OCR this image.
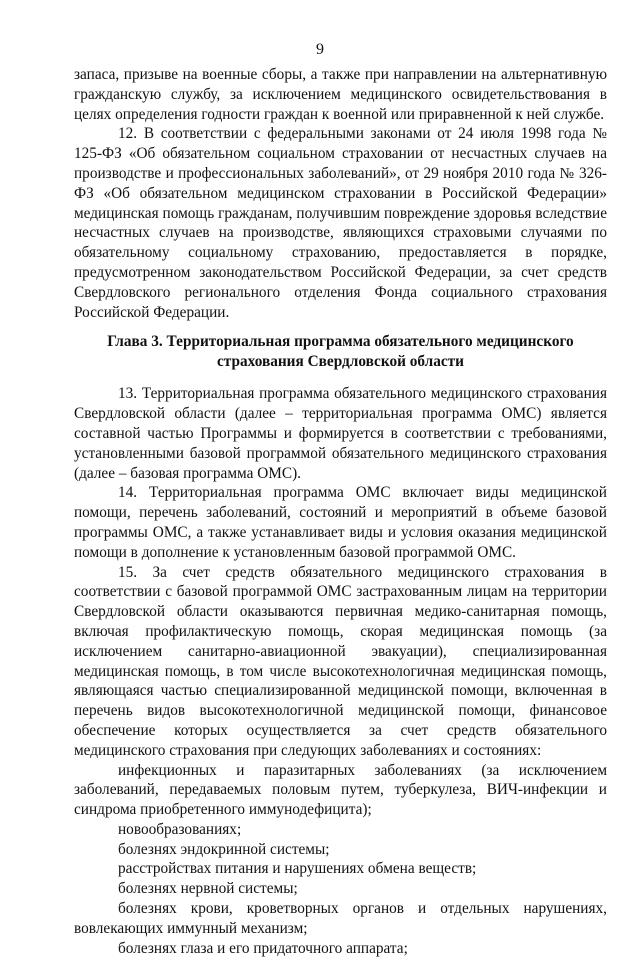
9

запаса, призыве на военные сборы, а также при направлении на альтернативную гражданскую службу, за исключением медицинского освидетельствования в целях определения годности граждан к военной или приравненной к ней службе.

12. В соответствии с федеральными законами от 24 июля 1998 года № 125-ФЗ «Об обязательном социальном страховании от несчастных случаев на производстве и профессиональных заболеваний», от 29 ноября 2010 года № 326-ФЗ «Об обязательном медицинском страховании в Российской Федерации» медицинская помощь гражданам, получившим повреждение здоровья вследствие несчастных случаев на производстве, являющихся страховыми случаями по обязательному социальному страхованию, предоставляется в порядке, предусмотренном законодательством Российской Федерации, за счет средств Свердловского регионального отделения Фонда социального страхования Российской Федерации.

Глава 3. Территориальная программа обязательного медицинского
страхования Свердловской области

13. Территориальная программа обязательного медицинского страхования Свердловской области (далее – территориальная программа ОМС) является составной частью Программы и формируется в соответствии с требованиями, установленными базовой программой обязательного медицинского страхования (далее – базовая программа ОМС).

14. Территориальная программа ОМС включает виды медицинской помощи, перечень заболеваний, состояний и мероприятий в объеме базовой программы ОМС, а также устанавливает виды и условия оказания медицинской помощи в дополнение к установленным базовой программой ОМС.

15. За счет средств обязательного медицинского страхования в соответствии с базовой программой ОМС застрахованным лицам на территории Свердловской области оказываются первичная медико-санитарная помощь, включая профилактическую помощь, скорая медицинская помощь (за исключением санитарно-авиационной эвакуации), специализированная медицинская помощь, в том числе высокотехнологичная медицинская помощь, являющаяся частью специализированной медицинской помощи, включенная в перечень видов высокотехнологичной медицинской помощи, финансовое обеспечение которых осуществляется за счет средств обязательного медицинского страхования при следующих заболеваниях и состояниях:

инфекционных и паразитарных заболеваниях (за исключением заболеваний, передаваемых половым путем, туберкулеза, ВИЧ-инфекции и синдрома приобретенного иммунодефицита);

новообразованиях;

болезнях эндокринной системы;

расстройствах питания и нарушениях обмена веществ;

болезнях нервной системы;

болезнях крови, кроветворных органов и отдельных нарушениях, вовлекающих иммунный механизм;

болезнях глаза и его придаточного аппарата;
